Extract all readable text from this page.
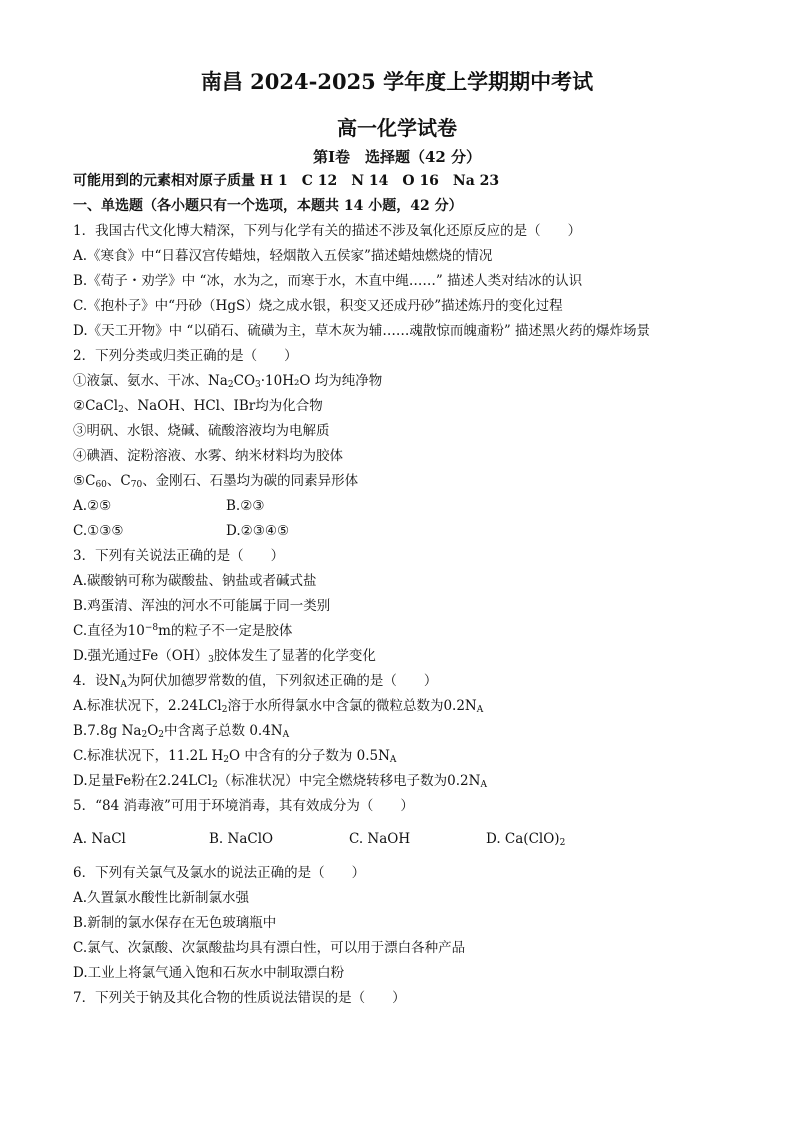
南昌 2024-2025 学年度上学期期中考试
高一化学试卷
第Ⅰ卷　选择题（42 分）
可能用到的元素相对原子质量 H 1　C 12　N 14　O 16　Na 23
一、单选题（各小题只有一个选项，本题共 14 小题，42 分）
1．我国古代文化博大精深，下列与化学有关的描述不涉及氧化还原反应的是（　　）
A.《寒食》中“日暮汉宫传蜡烛，轻烟散入五侯家”描述蜡烛燃烧的情况
B.《荀子・劝学》中 “冰，水为之，而寒于水，木直中绳……” 描述人类对结冰的认识
C.《抱朴子》中“丹砂（HgS）烧之成水银，积变又还成丹砂”描述炼丹的变化过程
D.《天工开物》中 “以硝石、硫磺为主，草木灰为辅……魂散惊而魄齑粉” 描述黑火药的爆炸场景
2．下列分类或归类正确的是（　　）
①液氯、氨水、干冰、$Na_2CO_3\cdot 10H_2O$ 均为纯净物
②CaCl$_2$、NaOH、HCl、IBr均为化合物
③明矾、水银、烧碱、硫酸溶液均为电解质
④碘酒、淀粉溶液、水雾、纳米材料均为胶体
$⑤C_{60}$、$C_{70}$、金刚石、石墨均为碳的同素异形体
A.②⑤	B.②③
C.①③⑤	D.②③④⑤
3．下列有关说法正确的是（　　）
A.碳酸钠可称为碳酸盐、钠盐或者碱式盐
B.鸡蛋清、浑浊的河水不可能属于同一类别
C.直径为$10^{-8}m$的粒子不一定是胶体
D.强光通过$Fe(OH)_3$胶体发生了显著的化学变化
4．设$N_A$为阿伏加德罗常数的值，下列叙述正确的是（　　）
A.标准状况下，2.24LCl$_2$溶于水所得氯水中含氯的微粒总数为$0.2N_A$
B.7.8g $Na_2O_2$中含离子总数 $0.4N_A$
C.标准状况下，11.2L $H_2O$ 中含有的分子数为 $0.5N_A$
D.足量Fe粉在2.24LCl$_2$（标准状况）中完全燃烧转移电子数为$0.2N_A$
5．“84 消毒液”可用于环境消毒，其有效成分为（　　）
A. NaCl	B. NaClO	C. NaOH	D. $Ca(ClO)_2$
6．下列有关氯气及氯水的说法正确的是（　　）
A.久置氯水酸性比新制氯水强
B.新制的氯水保存在无色玻璃瓶中
C.氯气、次氯酸、次氯酸盐均具有漂白性，可以用于漂白各种产品
D.工业上将氯气通入饱和石灰水中制取漂白粉
7．下列关于钠及其化合物的性质说法错误的是（　　）
